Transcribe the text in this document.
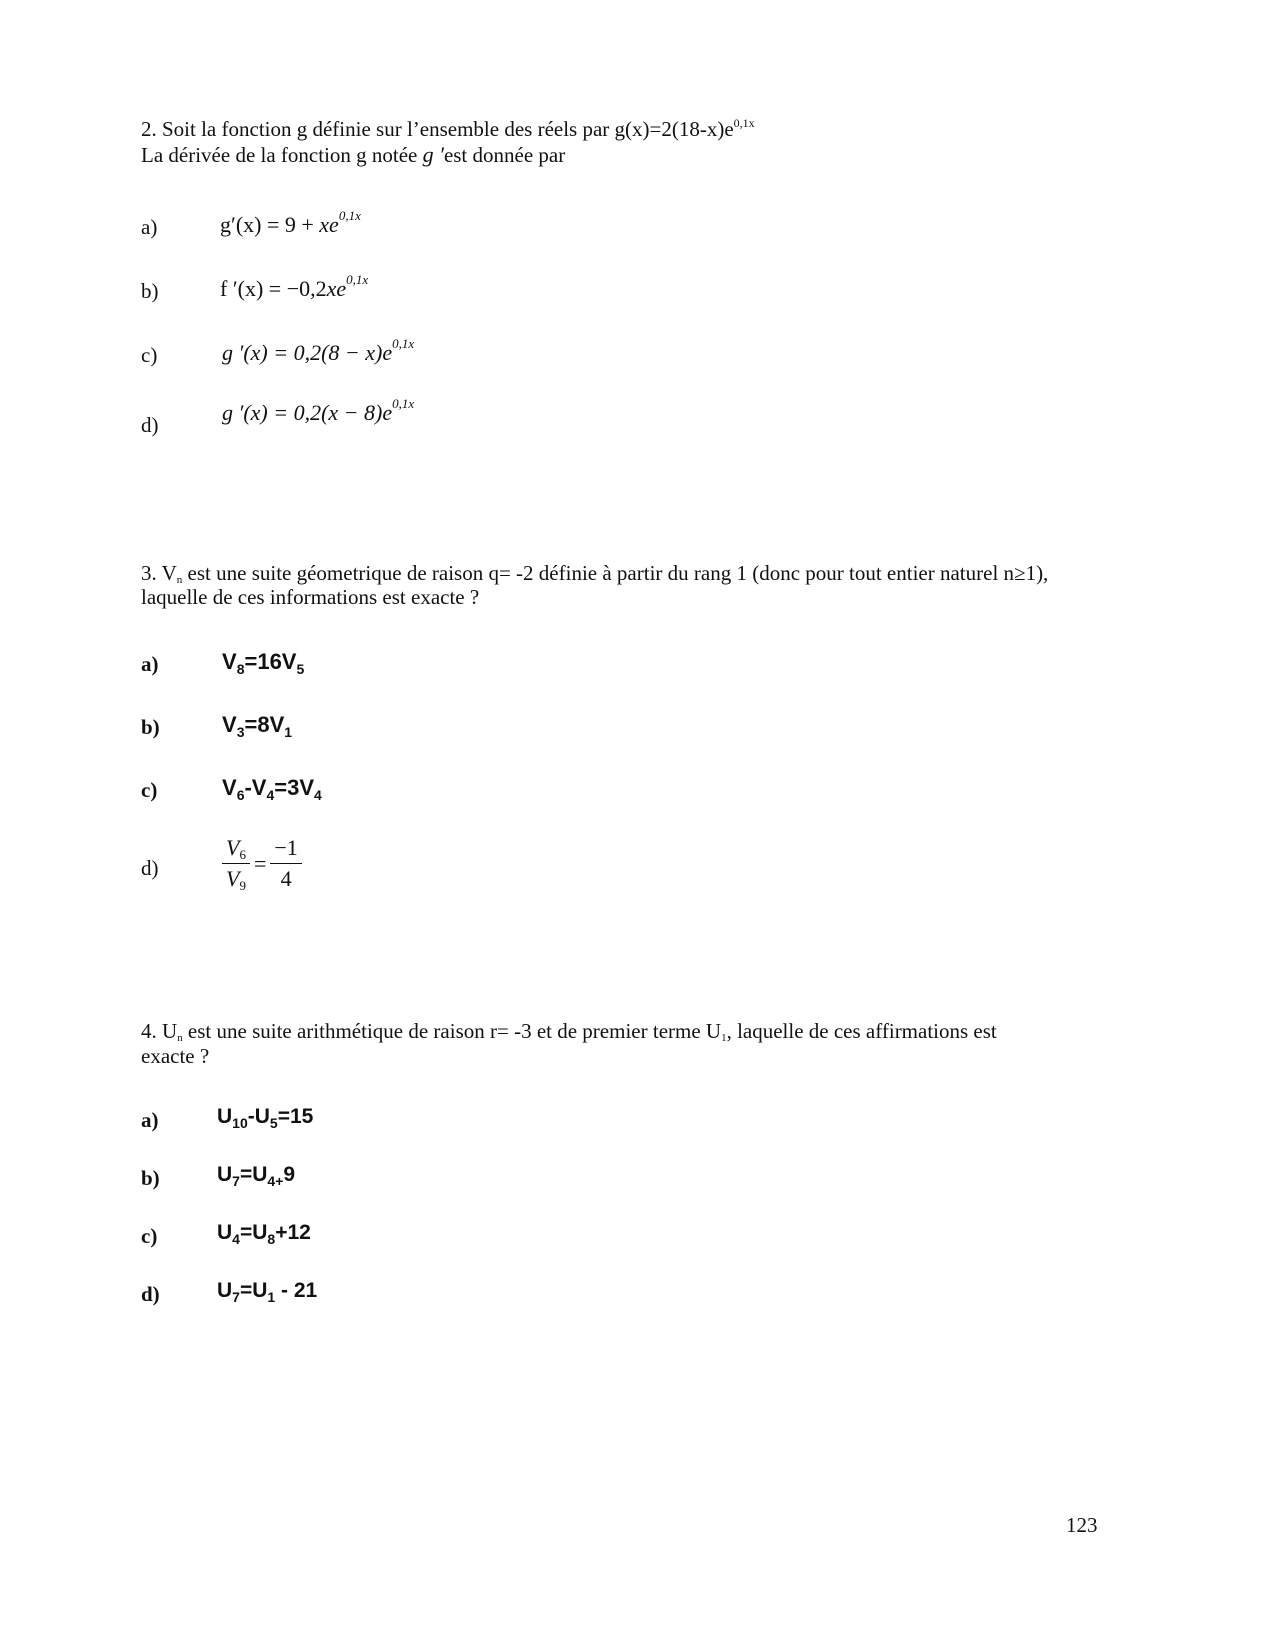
2. Soit la fonction g définie sur l’ensemble des réels par $g(x)=2(18-x)e^{0,1x}$
La dérivée de la fonction g notée g ′est donnée par
a)	$g'(x) = 9 + xe^{0,1x}$
b)	f $'(x) = -0,2xe^{0,1x}$
c)	g $'(x) = 0,2(8 - x)e^{0,1x}$
d)	g $'(x) = 0,2(x - 8)e^{0,1x}$
3. $V_n$ est une suite géometrique de raison q= -2 définie à partir du rang 1 (donc pour tout entier naturel n≥1),
laquelle de ces informations est exacte ?
a)	$V_8=16V_5$
b)	$V_3=8V_1$
c)	$V_6-V_4=3V_4$
d)	$\frac{V_6}{V_9} = \frac{-1}{4}$
4. $U_n$ est une suite arithmétique de raison r= -3 et de premier terme $U_1$, laquelle de ces affirmations est
exacte ?
a)	$U_{10}-U_5=15$
b)	$U_7=U_{4+}9$
c)	$U_4=U_8+12$
d)	$U_7=U_1 - 21$
123
